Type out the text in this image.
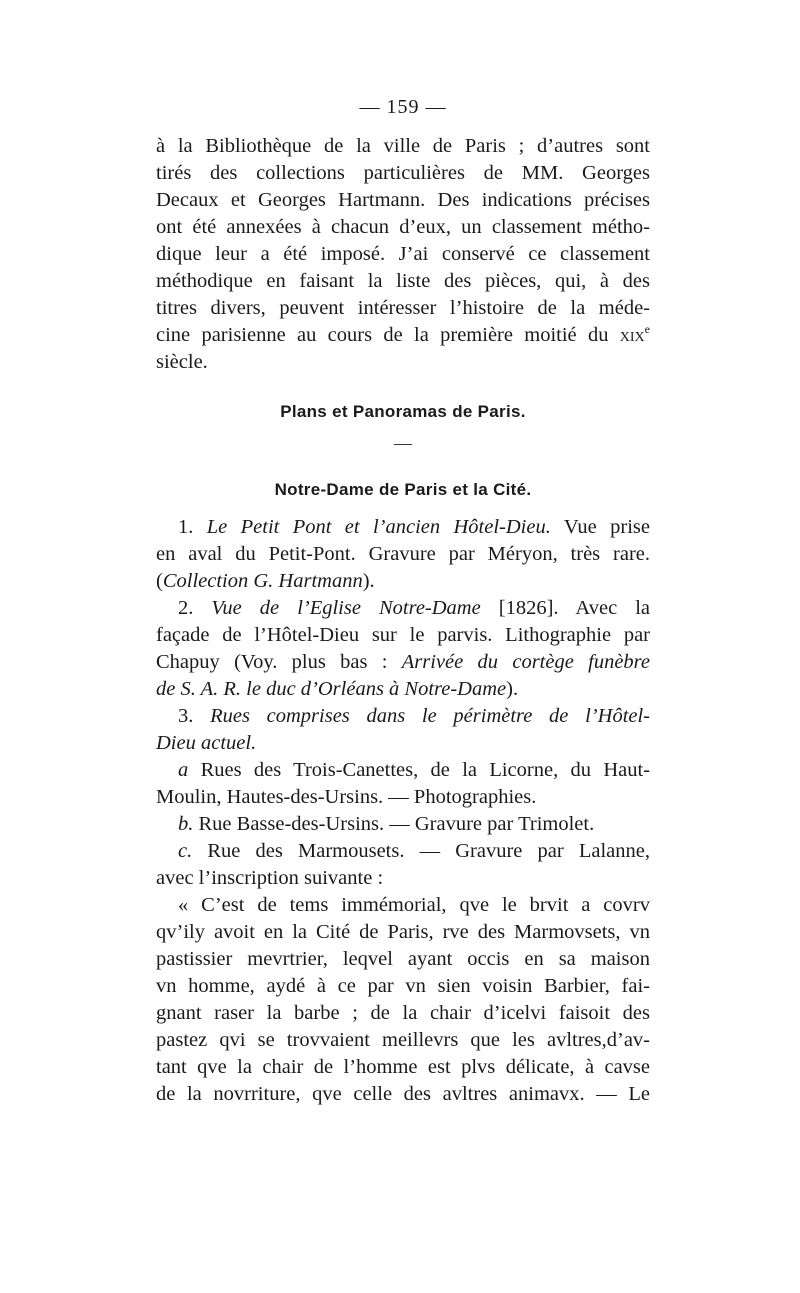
— 159 —

à la Bibliothèque de la ville de Paris ; d’autres sont
tirés des collections particulières de MM. Georges
Decaux et Georges Hartmann. Des indications précises
ont été annexées à chacun d’eux, un classement métho-
dique leur a été imposé. J’ai conservé ce classement
méthodique en faisant la liste des pièces, qui, à des
titres divers, peuvent intéresser l’histoire de la méde-
cine parisienne au cours de la première moitié du xix$^e$
siècle.

Plans et Panoramas de Paris.
—
Notre-Dame de Paris et la Cité.

1. Le Petit Pont et l’ancien Hôtel-Dieu. Vue prise
en aval du Petit-Pont. Gravure par Méryon, très rare.
(Collection G. Hartmann).

2. Vue de l’Eglise Notre-Dame [1826]. Avec la
façade de l’Hôtel-Dieu sur le parvis. Lithographie par
Chapuy (Voy. plus bas : Arrivée du cortège funèbre
de S. A. R. le duc d’Orléans à Notre-Dame).

3. Rues comprises dans le périmètre de l’Hôtel-
Dieu actuel.

a Rues des Trois-Canettes, de la Licorne, du Haut-
Moulin, Hautes-des-Ursins. — Photographies.

b. Rue Basse-des-Ursins. — Gravure par Trimolet.

c. Rue des Marmousets. — Gravure par Lalanne,
avec l’inscription suivante :

« C’est de tems immémorial, qve le brvit a covrv
qv’ily avoit en la Cité de Paris, rve des Marmovsets, vn
pastissier mevrtrier, leqvel ayant occis en sa maison
vn homme, aydé à ce par vn sien voisin Barbier, fai-
gnant raser la barbe ; de la chair d’icelvi faisoit des
pastez qvi se trovvaient meillevrs que les avltres,d’av-
tant qve la chair de l’homme est plvs délicate, à cavse
de la novrriture, qve celle des avltres animavx. — Le
